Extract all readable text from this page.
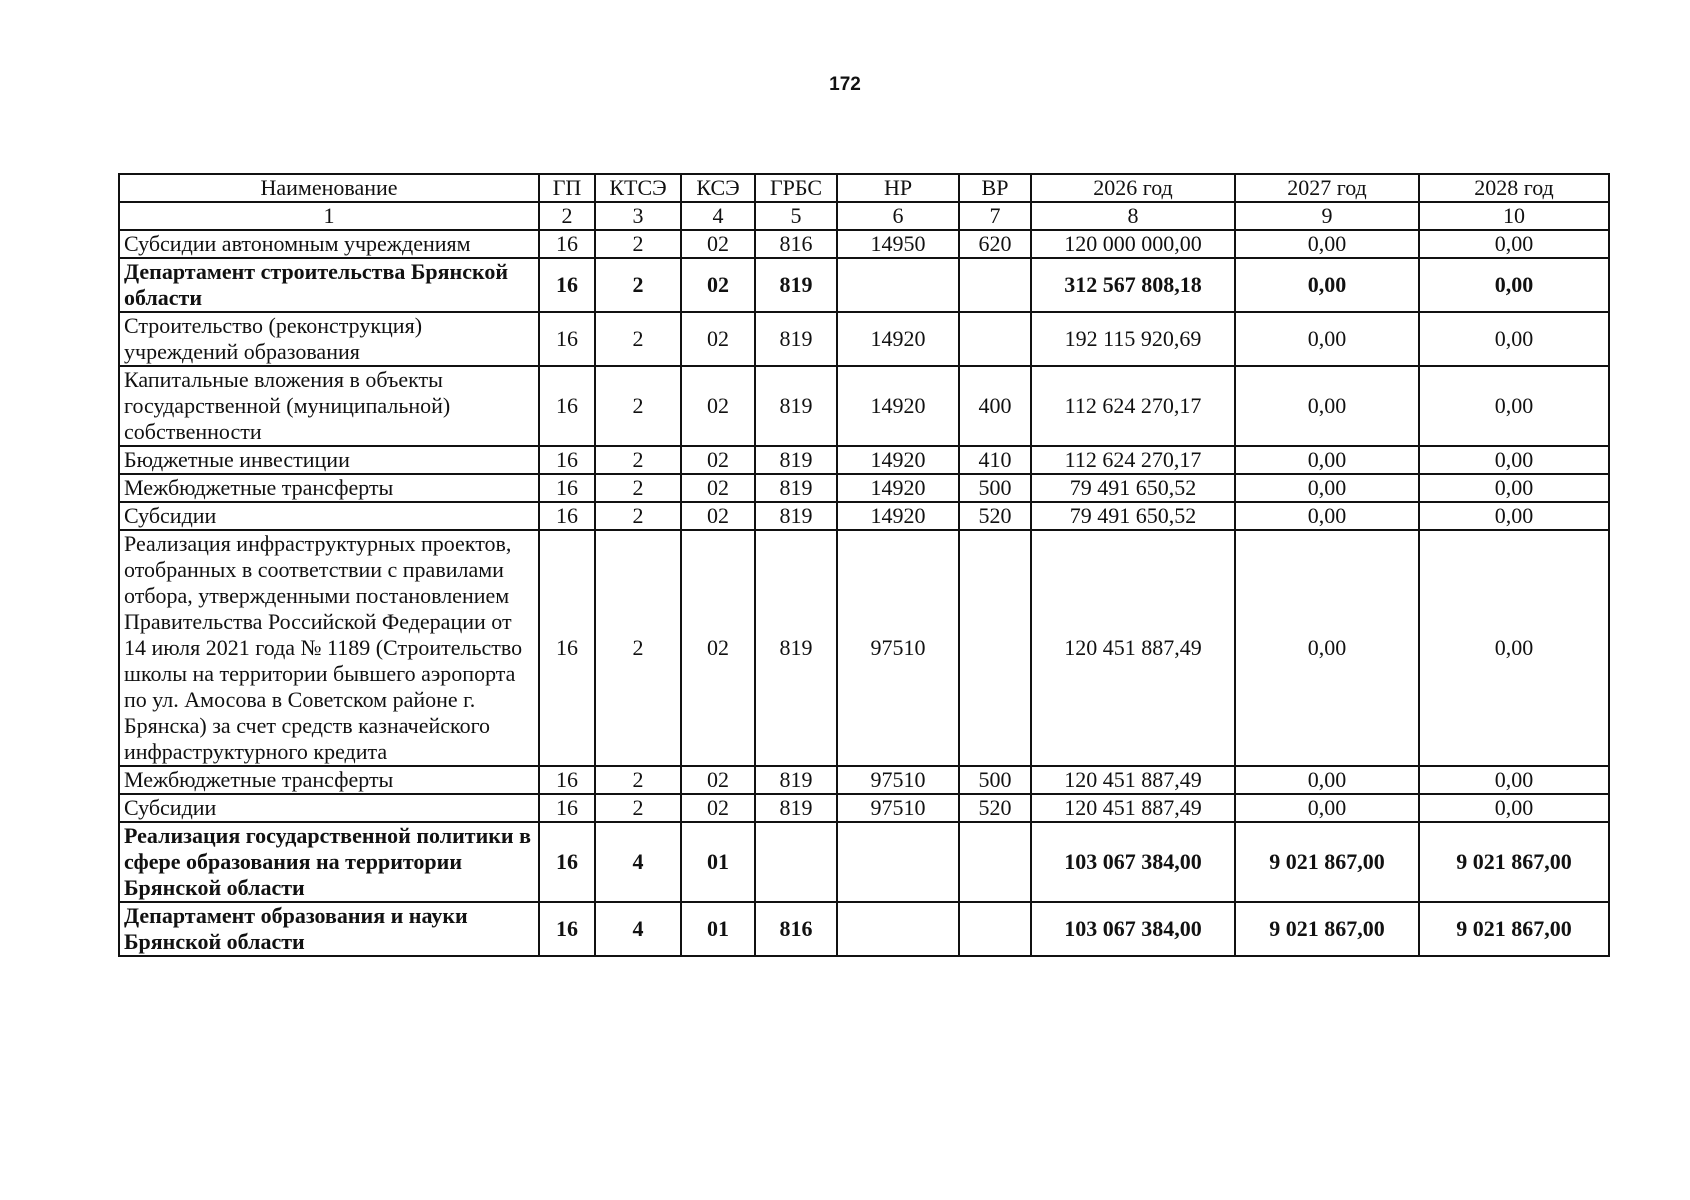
172
Наименование	ГП	КТСЭ	КСЭ	ГРБС	НР	ВР	2026 год	2027 год	2028 год
1	2	3	4	5	6	7	8	9	10
Субсидии автономным учреждениям	16	2	02	816	14950	620	120 000 000,00	0,00	0,00
Департамент строительства Брянской области	16	2	02	819			312 567 808,18	0,00	0,00
Строительство (реконструкция) учреждений образования	16	2	02	819	14920		192 115 920,69	0,00	0,00
Капитальные вложения в объекты государственной (муниципальной) собственности	16	2	02	819	14920	400	112 624 270,17	0,00	0,00
Бюджетные инвестиции	16	2	02	819	14920	410	112 624 270,17	0,00	0,00
Межбюджетные трансферты	16	2	02	819	14920	500	79 491 650,52	0,00	0,00
Субсидии	16	2	02	819	14920	520	79 491 650,52	0,00	0,00
Реализация инфраструктурных проектов, отобранных в соответствии с правилами отбора, утвержденными постановлением Правительства Российской Федерации от 14 июля 2021 года № 1189 (Строительство школы на территории бывшего аэропорта по ул. Амосова в Советском районе г. Брянска) за счет средств казначейского инфраструктурного кредита	16	2	02	819	97510		120 451 887,49	0,00	0,00
Межбюджетные трансферты	16	2	02	819	97510	500	120 451 887,49	0,00	0,00
Субсидии	16	2	02	819	97510	520	120 451 887,49	0,00	0,00
Реализация государственной политики в сфере образования на территории Брянской области	16	4	01				103 067 384,00	9 021 867,00	9 021 867,00
Департамент образования и науки Брянской области	16	4	01	816			103 067 384,00	9 021 867,00	9 021 867,00
